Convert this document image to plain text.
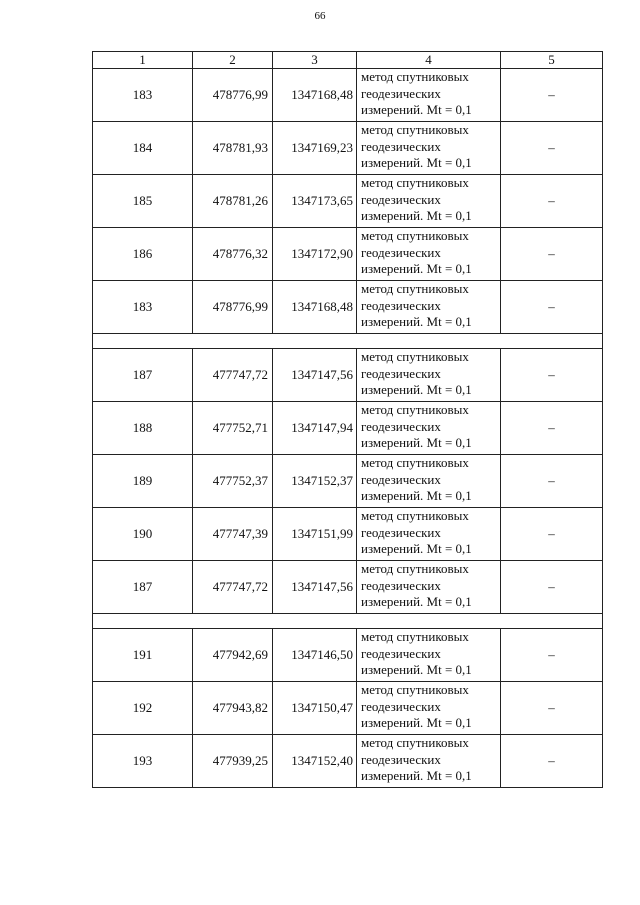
66
1	2	3	4	5
183	478776,99	1347168,48	метод спутниковых
геодезических
измерений. Mt = 0,1	–
184	478781,93	1347169,23	метод спутниковых
геодезических
измерений. Mt = 0,1	–
185	478781,26	1347173,65	метод спутниковых
геодезических
измерений. Mt = 0,1	–
186	478776,32	1347172,90	метод спутниковых
геодезических
измерений. Mt = 0,1	–
183	478776,99	1347168,48	метод спутниковых
геодезических
измерений. Mt = 0,1	–

187	477747,72	1347147,56	метод спутниковых
геодезических
измерений. Mt = 0,1	–
188	477752,71	1347147,94	метод спутниковых
геодезических
измерений. Mt = 0,1	–
189	477752,37	1347152,37	метод спутниковых
геодезических
измерений. Mt = 0,1	–
190	477747,39	1347151,99	метод спутниковых
геодезических
измерений. Mt = 0,1	–
187	477747,72	1347147,56	метод спутниковых
геодезических
измерений. Mt = 0,1	–

191	477942,69	1347146,50	метод спутниковых
геодезических
измерений. Mt = 0,1	–
192	477943,82	1347150,47	метод спутниковых
геодезических
измерений. Mt = 0,1	–
193	477939,25	1347152,40	метод спутниковых
геодезических
измерений. Mt = 0,1	–
